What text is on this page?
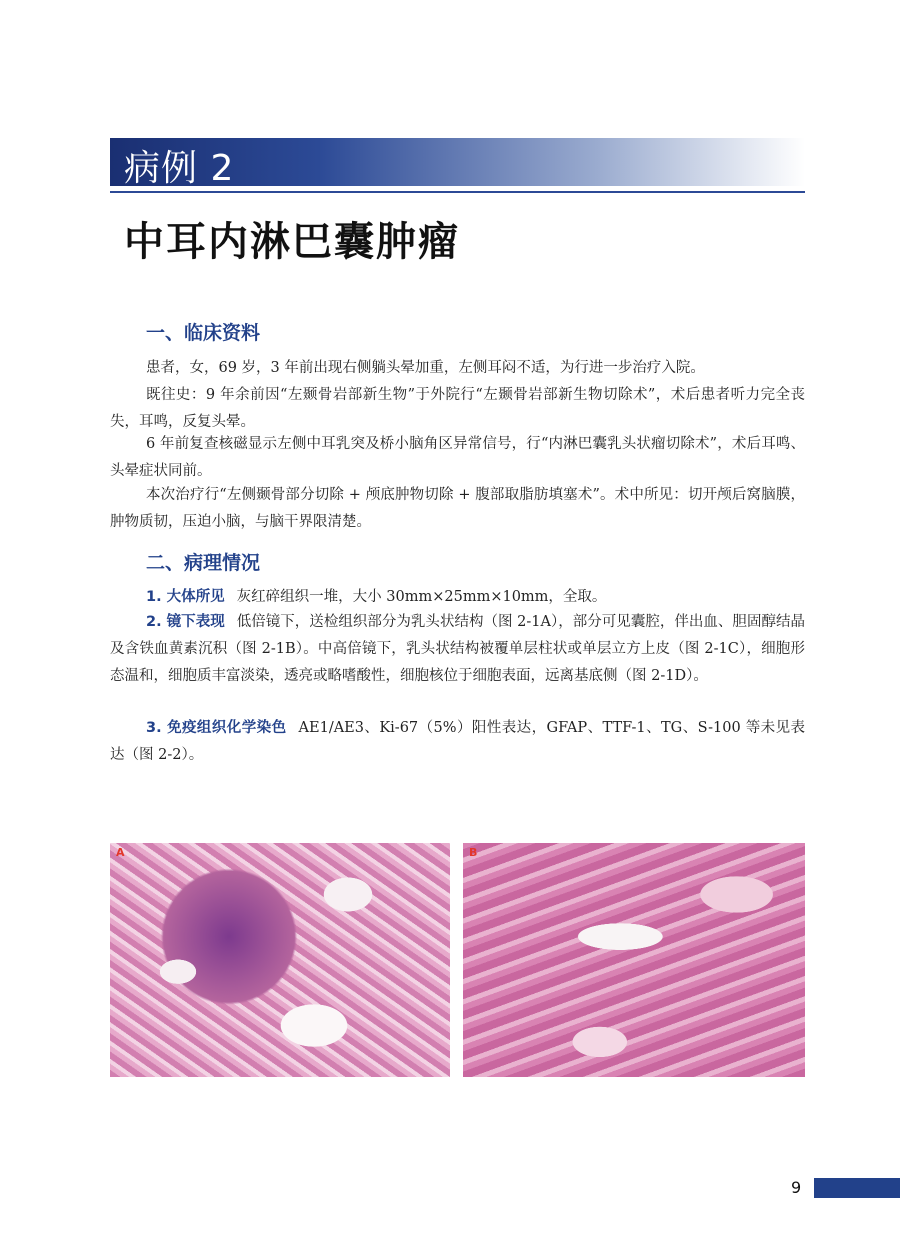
病例 2
中耳内淋巴囊肿瘤
一、临床资料
患者，女，69 岁，3 年前出现右侧躺头晕加重，左侧耳闷不适，为行进一步治疗入院。
既往史：9 年余前因“左颞骨岩部新生物”于外院行“左颞骨岩部新生物切除术”，术后患者听力完全丧失，耳鸣，反复头晕。
6 年前复查核磁显示左侧中耳乳突及桥小脑角区异常信号，行“内淋巴囊乳头状瘤切除术”，术后耳鸣、头晕症状同前。
本次治疗行“左侧颞骨部分切除 + 颅底肿物切除 + 腹部取脂肪填塞术”。术中所见：切开颅后窝脑膜，肿物质韧，压迫小脑，与脑干界限清楚。
二、病理情况
1. 大体所见 灰红碎组织一堆，大小 30mm×25mm×10mm，全取。
2. 镜下表现 低倍镜下，送检组织部分为乳头状结构（图 2-1A），部分可见囊腔，伴出血、胆固醇结晶及含铁血黄素沉积（图 2-1B）。中高倍镜下，乳头状结构被覆单层柱状或单层立方上皮（图 2-1C），细胞形态温和，细胞质丰富淡染，透亮或略嗜酸性，细胞核位于细胞表面，远离基底侧（图 2-1D）。
3. 免疫组织化学染色 AE1/AE3、Ki-67（5%）阳性表达，GFAP、TTF-1、TG、S-100 等未见表达（图 2-2）。
A	B
9
